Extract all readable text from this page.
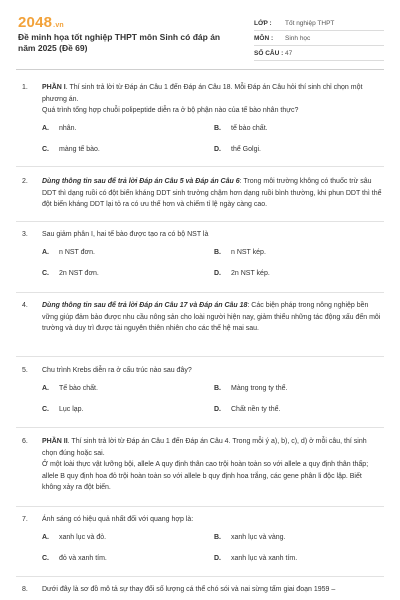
2048.vn
Đề minh họa tốt nghiệp THPT môn Sinh có đáp án năm 2025 (Đề 69)
LỚP :	Tốt nghiệp THPT
MÔN :	Sinh học
SỐ CÂU : 47
1.	PHẦN I. Thí sinh trả lời từ Đáp án Câu 1 đến Đáp án Câu 18. Mỗi Đáp án Câu hỏi thí sinh chỉ chọn một phương án.
Quá trình tổng hợp chuỗi polipeptide diễn ra ở bộ phận nào của tế bào nhân thực?
A.	nhân.	B.	tế bào chất.
C.	màng tế bào.	D.	thể Golgi.
2.	Dùng thông tin sau để trả lời Đáp án Câu 5 và Đáp án Câu 6: Trong môi trường không có thuốc trừ sâu DDT thì dạng ruồi có đột biến kháng DDT sinh trưởng chậm hơn dạng ruồi bình thường, khi phun DDT thì thể đột biến kháng DDT lại tỏ ra có ưu thế hơn và chiếm tỉ lệ ngày càng cao.
3.	Sau giảm phân I, hai tế bào được tạo ra có bộ NST là
A.	n NST đơn.	B.	n NST kép.
C.	2n NST đơn.	D.	2n NST kép.
4.	Dùng thông tin sau để trả lời Đáp án Câu 17 và Đáp án Câu 18: Các biện pháp trong nông nghiệp bền vững giúp đảm bảo được nhu cầu nông sản cho loài người hiện nay, giảm thiểu những tác động xấu đến môi trường và duy trì được tài nguyên thiên nhiên cho các thế hệ mai sau.
5.	Chu trình Krebs diễn ra ở cấu trúc nào sau đây?
A.	Tế bào chất.	B.	Màng trong ty thể.
C.	Lục lạp.	D.	Chất nền ty thể.
6.	PHẦN II. Thí sinh trả lời từ Đáp án Câu 1 đến Đáp án Câu 4. Trong mỗi ý a), b), c), d) ở mỗi câu, thí sinh chọn đúng hoặc sai.
Ở một loài thực vật lưỡng bội, allele A quy định thân cao trội hoàn toàn so với allele a quy định thân thấp; allele B quy định hoa đỏ trội hoàn toàn so với allele b quy định hoa trắng, các gene phân li độc lập. Biết không xảy ra đột biến.
7.	Ánh sáng có hiệu quả nhất đối với quang hợp là:
A.	xanh lục và đỏ.	B.	xanh lục và vàng.
C.	đỏ và xanh tím.	D.	xanh lục và xanh tím.
8.	Dưới đây là sơ đồ mô tả sự thay đổi số lượng cá thể chó sói và nai sừng tấm giai đoạn 1959 –
